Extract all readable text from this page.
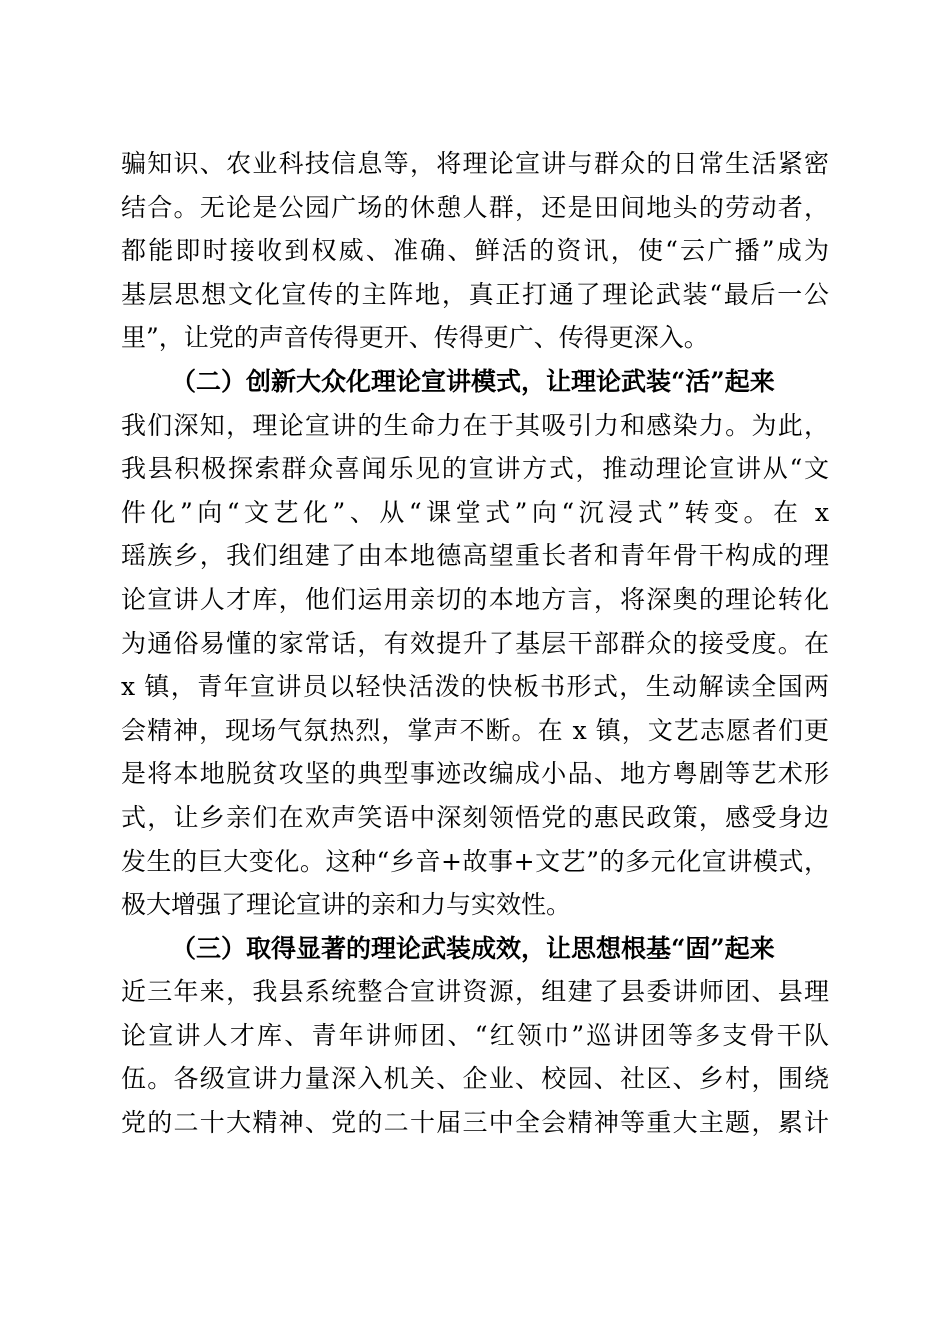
骗知识、农业科技信息等，将理论宣讲与群众的日常生活紧密
结合。无论是公园广场的休憩人群，还是田间地头的劳动者，
都能即时接收到权威、准确、鲜活的资讯，使“云广播”成为
基层思想文化宣传的主阵地，真正打通了理论武装“最后一公
里”，让党的声音传得更开、传得更广、传得更深入。
（二）创新大众化理论宣讲模式，让理论武装“活”起来
我们深知，理论宣讲的生命力在于其吸引力和感染力。为此，
我县积极探索群众喜闻乐见的宣讲方式，推动理论宣讲从“文
件化”向“文艺化”、从“课堂式”向“沉浸式”转变。在 x
瑶族乡，我们组建了由本地德高望重长者和青年骨干构成的理
论宣讲人才库，他们运用亲切的本地方言，将深奥的理论转化
为通俗易懂的家常话，有效提升了基层干部群众的接受度。在
x 镇，青年宣讲员以轻快活泼的快板书形式，生动解读全国两
会精神，现场气氛热烈，掌声不断。在 x 镇，文艺志愿者们更
是将本地脱贫攻坚的典型事迹改编成小品、地方粤剧等艺术形
式，让乡亲们在欢声笑语中深刻领悟党的惠民政策，感受身边
发生的巨大变化。这种“乡音+故事+文艺”的多元化宣讲模式，
极大增强了理论宣讲的亲和力与实效性。
（三）取得显著的理论武装成效，让思想根基“固”起来
近三年来，我县系统整合宣讲资源，组建了县委讲师团、县理
论宣讲人才库、青年讲师团、“红领巾”巡讲团等多支骨干队
伍。各级宣讲力量深入机关、企业、校园、社区、乡村，围绕
党的二十大精神、党的二十届三中全会精神等重大主题，累计
